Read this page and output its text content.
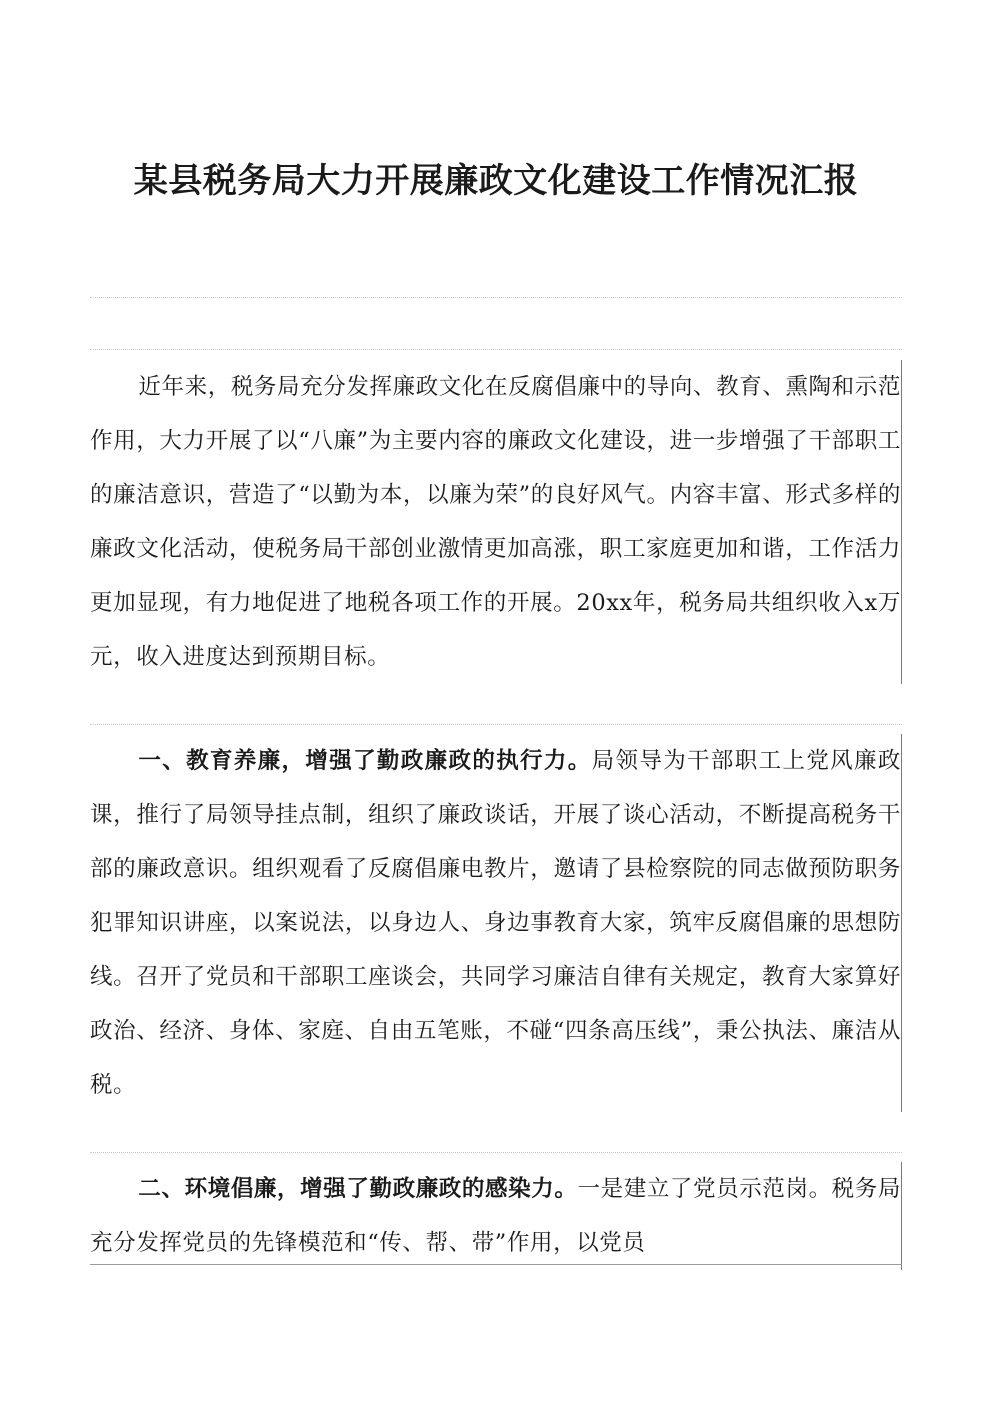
某县税务局大力开展廉政文化建设工作情况汇报

近年来，税务局充分发挥廉政文化在反腐倡廉中的导向、教育、熏陶和示范作用，大力开展了以“八廉”为主要内容的廉政文化建设，进一步增强了干部职工的廉洁意识，营造了“以勤为本，以廉为荣”的良好风气。内容丰富、形式多样的廉政文化活动，使税务局干部创业激情更加高涨，职工家庭更加和谐，工作活力更加显现，有力地促进了地税各项工作的开展。20xx年，税务局共组织收入x万元，收入进度达到预期目标。

一、教育养廉，增强了勤政廉政的执行力。局领导为干部职工上党风廉政课，推行了局领导挂点制，组织了廉政谈话，开展了谈心活动，不断提高税务干部的廉政意识。组织观看了反腐倡廉电教片，邀请了县检察院的同志做预防职务犯罪知识讲座，以案说法，以身边人、身边事教育大家，筑牢反腐倡廉的思想防线。召开了党员和干部职工座谈会，共同学习廉洁自律有关规定，教育大家算好政治、经济、身体、家庭、自由五笔账，不碰“四条高压线”，秉公执法、廉洁从税。

二、环境倡廉，增强了勤政廉政的感染力。一是建立了党员示范岗。税务局充分发挥党员的先锋模范和“传、帮、带”作用，以党员
